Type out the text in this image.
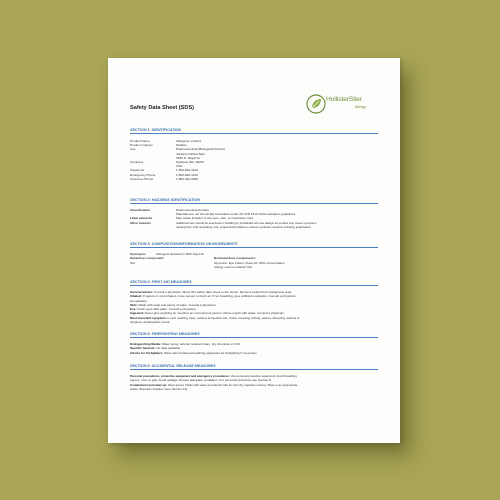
Safety Data Sheet (SDS)
HollisterStier
Allergy
SECTION 1: IDENTIFICATION
Product Name	Allergenic extracts
Product Code(s)	Multiple
Use	Pharmaceutical (Biological) Product
Jubilant HollisterStier
3525 N. Regal St.
Company	Spokane WA, 99207
USA
Telephone	1-800-992-1120
Emergency Phone	1-800-992-1120
Chemtrec Phone	1-800-424-9300
SECTION 2: HAZARDS IDENTIFICATION
Classification	Pharmaceutical Product
Materials are not chemically hazardous under 29 CFR 1910.1200 evaluation guidelines.
Label elements	May cause irritation of the eyes, skin, or respiratory tract.
Other hazards	Additional care should be exercised in handling by individuals who are allergic as product may cause symptoms
ranging from mild respiratory, oral, conjunctival irritation to serious systemic reactions including anaphylaxis
SECTION 3: COMPOSITION/INFORMATION ON INGREDIENTS
Synonyms	Allergenic Extracts in 50% Glycerin
Hazardous component:	Nonhazardous components:
N/A	Glycerine: Eye irritant, Class 2b, 50% concentration
Allergy source material: N/A
SECTION 4: FIRST AID MEASURES
General advice: Consult a physician. Show this safety data sheet to the doctor. Remove patient from dangerous area.
Inhaled: If vapors or mist inhaled, move person to fresh air. If not breathing, give artificial respiration. Consult a physician
immediately.
Skin: Wash with soap and plenty of water. Consult a physician.
Eye: Flush eyes with water. Consult a physician.
Ingested: Never give anything by mouth to an unconscious person. Rinse mouth with water. Consult a physician.
Most important symptoms: Local: swelling, heat, redness at injection site; Urtica: sneezing, itching, edema, wheezing, asthma or
dyspnea, anaphylactic shock
SECTION 5: FIREFIGHTING MEASURES
Extinguishing Media: Water spray, alcohol resistant foam, dry chemical or CO2
Specific hazards: No data available
Advice for firefighters: Wear self-contained breathing apparatus for firefighting if necessary
SECTION 6: ACCIDENTAL RELEASE MEASURES
Personal precautions, protective equipment and emergency procedures: Use personal protective equipment. Avoid breathing
vapors, mist, or gas. Avoid spillage. Ensure adequate ventilation. For personal protection see Section 8.
Containment and clean up: Wear gloves. Dilute with water and absorb with an inert dry material or decoy. Place in an appropriate
waste disposal container (see Section 13).
